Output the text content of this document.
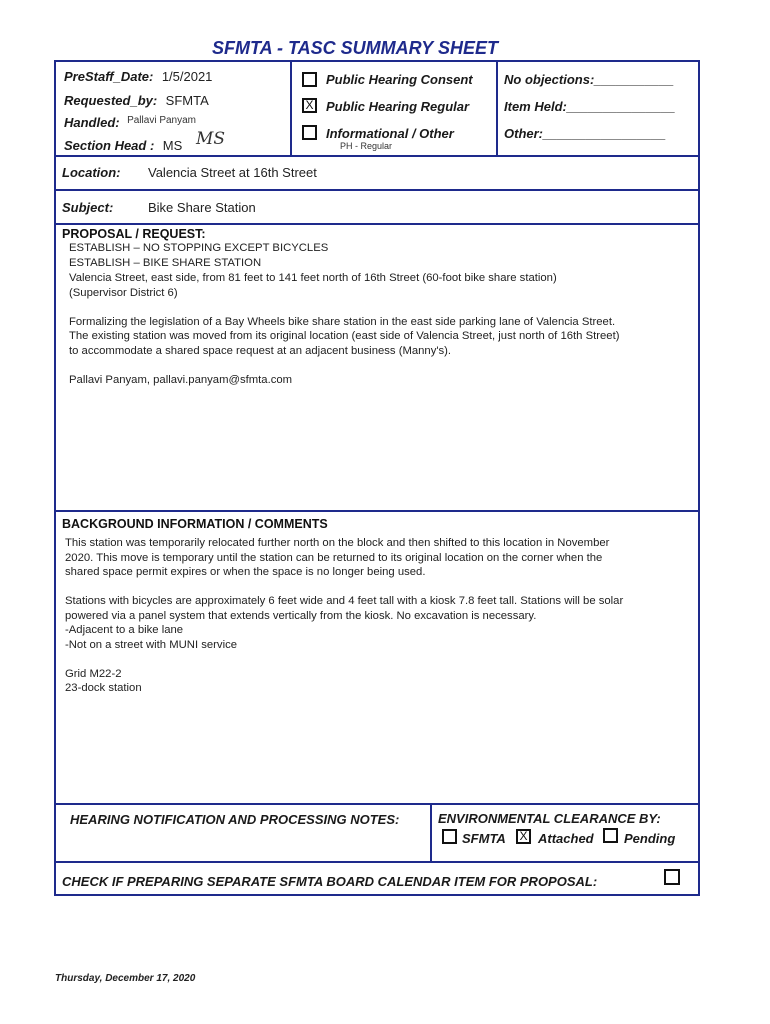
SFMTA - TASC SUMMARY SHEET
PreStaff_Date: 1/5/2021
Requested_by: SFMTA
Handled: $^{Pallavi Panyam}$
Section Head : MS MS
Public Hearing Consent
X Public Hearing Regular
Informational / Other
PH - Regular
No objections:___________
Item Held:_______________
Other:_________________
Location: Valencia Street at 16th Street
Subject:	Bike Share Station
PROPOSAL / REQUEST:
ESTABLISH – NO STOPPING EXCEPT BICYCLES
ESTABLISH – BIKE SHARE STATION
Valencia Street, east side, from 81 feet to 141 feet north of 16th Street (60-foot bike share station)
(Supervisor District 6)

Formalizing the legislation of a Bay Wheels bike share station in the east side parking lane of Valencia Street.
The existing station was moved from its original location (east side of Valencia Street, just north of 16th Street)
to accommodate a shared space request at an adjacent business (Manny's).

Pallavi Panyam, pallavi.panyam@sfmta.com
BACKGROUND INFORMATION / COMMENTS
This station was temporarily relocated further north on the block and then shifted to this location in November
2020. This move is temporary until the station can be returned to its original location on the corner when the
shared space permit expires or when the space is no longer being used.

Stations with bicycles are approximately 6 feet wide and 4 feet tall with a kiosk 7.8 feet tall. Stations will be solar
powered via a panel system that extends vertically from the kiosk. No excavation is necessary.
-Adjacent to a bike lane
-Not on a street with MUNI service

Grid M22-2
23-dock station
HEARING NOTIFICATION AND PROCESSING NOTES:	ENVIRONMENTAL CLEARANCE BY:
SFMTA X Attached Pending
CHECK IF PREPARING SEPARATE SFMTA BOARD CALENDAR ITEM FOR PROPOSAL:
Thursday, December 17, 2020
